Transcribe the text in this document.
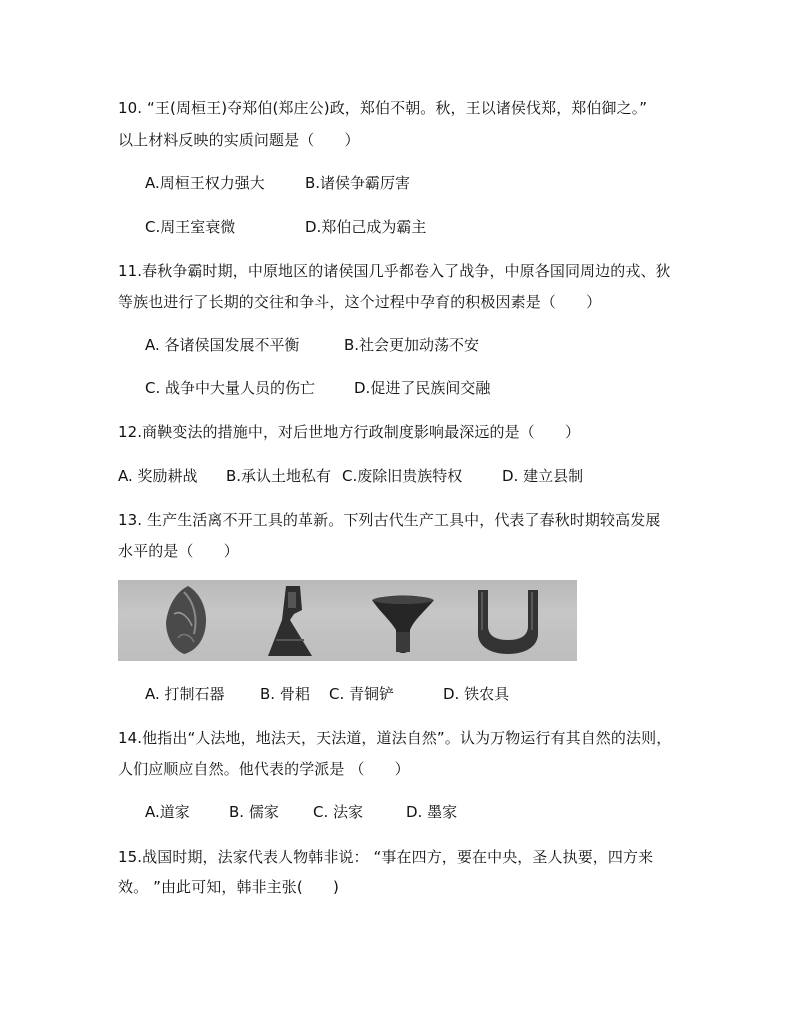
10. “王(周桓王)夺郑伯(郑庄公)政，郑伯不朝。秋，王以诸侯伐郑，郑伯御之。”
以上材料反映的实质问题是（　　）
A.周桓王权力强大	B.诸侯争霸厉害
C.周王室衰微	D.郑伯己成为霸主
11.春秋争霸时期，中原地区的诸侯国几乎都卷入了战争，中原各国同周边的戎、狄
等族也进行了长期的交往和争斗，这个过程中孕育的积极因素是（　　）
A. 各诸侯国发展不平衡	B.社会更加动荡不安
C. 战争中大量人员的伤亡	D.促进了民族间交融
12.商鞅变法的措施中，对后世地方行政制度影响最深远的是（　　）
A. 奖励耕战 B.承认土地私有 C.废除旧贵族特权	D. 建立县制
13. 生产生活离不开工具的革新。下列古代生产工具中，代表了春秋时期较高发展
水平的是（　　）
A. 打制石器 B. 骨耜 C. 青铜铲	D. 铁农具
14.他指出“人法地，地法天，天法道，道法自然”。认为万物运行有其自然的法则，
人们应顺应自然。他代表的学派是 （　　）
A.道家	B. 儒家 C. 法家	D. 墨家
15.战国时期，法家代表人物韩非说： “事在四方，要在中央，圣人执要，四方来
效。 ”由此可知，韩非主张(　　)
